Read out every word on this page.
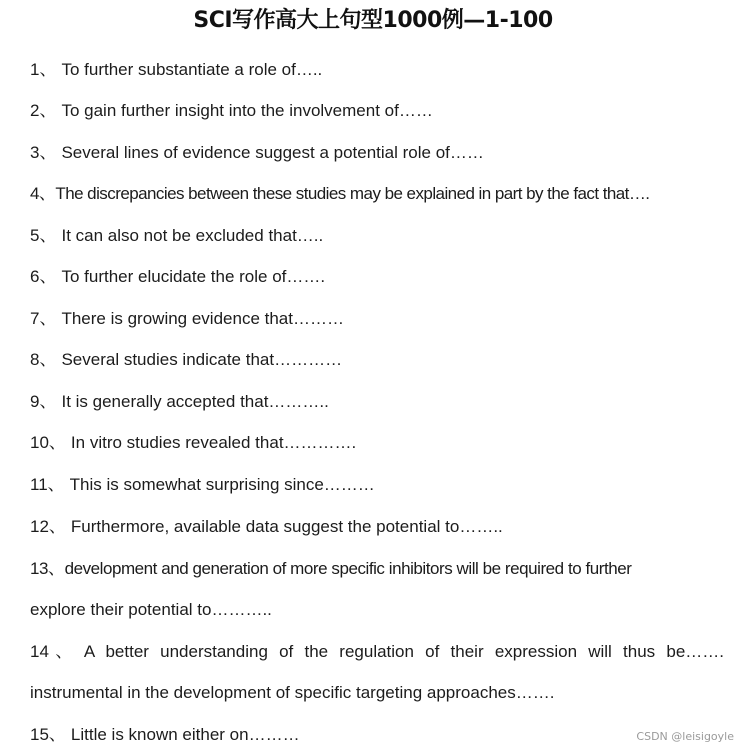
SCI写作高大上句型1000例—1-100
1、 To further substantiate a role of…..
2、 To gain further insight into the involvement of……
3、 Several lines of evidence suggest a potential role of……
4、The discrepancies between these studies may be explained in part by the fact that….
5、 It can also not be excluded that…..
6、 To further elucidate the role of…….
7、 There is growing evidence that………
8、 Several studies indicate that…………
9、 It is generally accepted that………..
10、 In vitro studies revealed that………….
11、 This is somewhat surprising since………
12、 Furthermore, available data suggest the potential to……..
13、development and generation of more specific inhibitors will be required to further
explore their potential to………..
14、 A better understanding of the regulation of their expression will thus be…….
instrumental in the development of specific targeting approaches…….
15、 Little is known either on………	CSDN @leisigoyle
